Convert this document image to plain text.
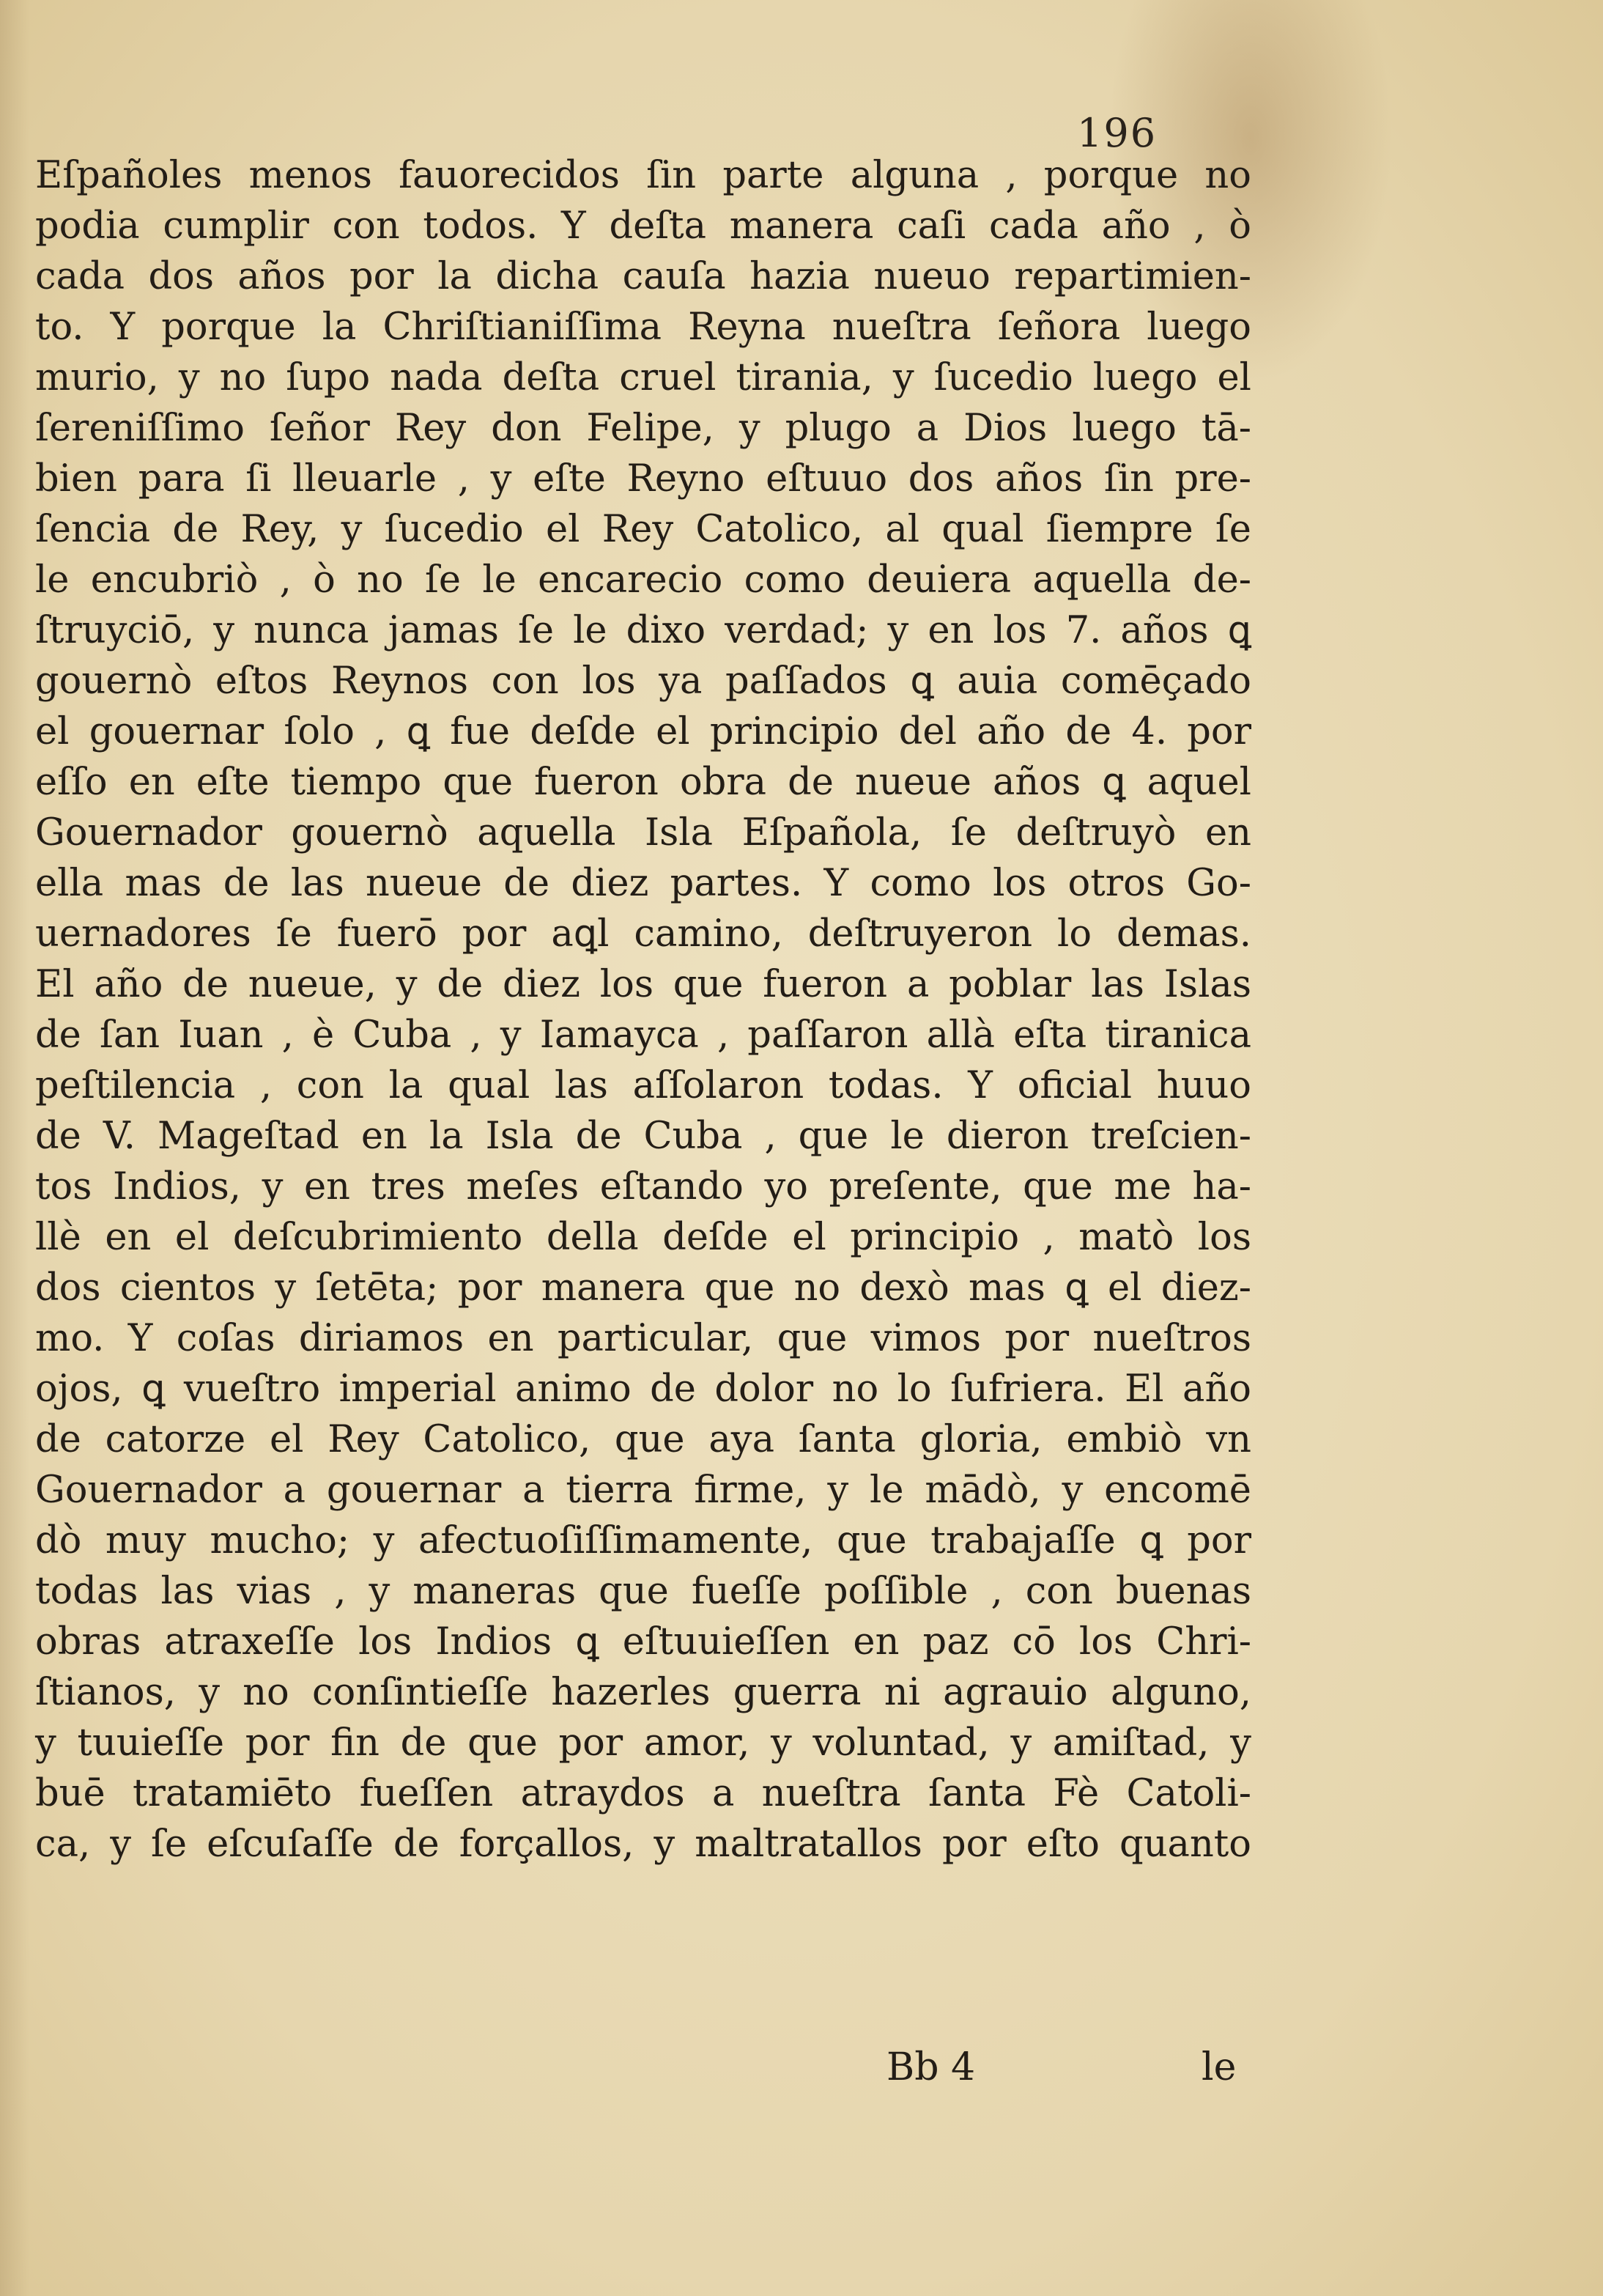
196
Eſpañoles menos fauorecidos ſin parte alguna , porque no
podia cumplir con todos. Y deſta manera caſi cada año , ò
cada dos años por la dicha cauſa hazia nueuo repartimien-
to. Y porque la Chriſtianiſſima Reyna nueſtra ſeñora luego
murio, y no ſupo nada deſta cruel tirania, y ſucedio luego el
ſereniſſimo ſeñor Rey don Felipe, y plugo a Dios luego tā-
bien para ſi lleuarle , y eſte Reyno eſtuuo dos años ſin pre-
ſencia de Rey, y ſucedio el Rey Catolico, al qual ſiempre ſe
le encubriò , ò no ſe le encarecio como deuiera aquella de-
ſtruyciō, y nunca jamas ſe le dixo verdad; y en los 7. años ꝗ
gouernò eſtos Reynos con los ya paſſados ꝗ auia comēçado
el gouernar ſolo , ꝗ fue deſde el principio del año de 4. por
eſſo en eſte tiempo que fueron obra de nueue años ꝗ aquel
Gouernador gouernò aquella Isla Eſpañola, ſe deſtruyò en
ella mas de las nueue de diez partes. Y como los otros Go-
uernadores ſe fuerō por aꝗl camino, deſtruyeron lo demas.
El año de nueue, y de diez los que fueron a poblar las Islas
de ſan Iuan , è Cuba , y Iamayca , paſſaron allà eſta tiranica
peſtilencia , con la qual las aſſolaron todas. Y oficial huuo
de V. Mageſtad en la Isla de Cuba , que le dieron treſcien-
tos Indios, y en tres meſes eſtando yo preſente, que me ha-
llè en el deſcubrimiento della deſde el principio , matò los
dos cientos y ſetēta; por manera que no dexò mas ꝗ el diez-
mo. Y coſas diriamos en particular, que vimos por nueſtros
ojos, ꝗ vueſtro imperial animo de dolor no lo ſufriera. El año
de catorze el Rey Catolico, que aya ſanta gloria, embiò vn
Gouernador a gouernar a tierra firme, y le mādò, y encomē
dò muy mucho; y afectuoſiſſimamente, que trabajaſſe ꝗ por
todas las vias , y maneras que fueſſe poſſible , con buenas
obras atraxeſſe los Indios ꝗ eſtuuieſſen en paz cō los Chri-
ſtianos, y no conſintieſſe hazerles guerra ni agrauio alguno,
y tuuieſſe por fin de que por amor, y voluntad, y amiſtad, y
buē tratamiēto fueſſen atraydos a nueſtra ſanta Fè Catoli-
ca, y ſe eſcuſaſſe de forçallos, y maltratallos por eſto quanto
Bb 4	le
